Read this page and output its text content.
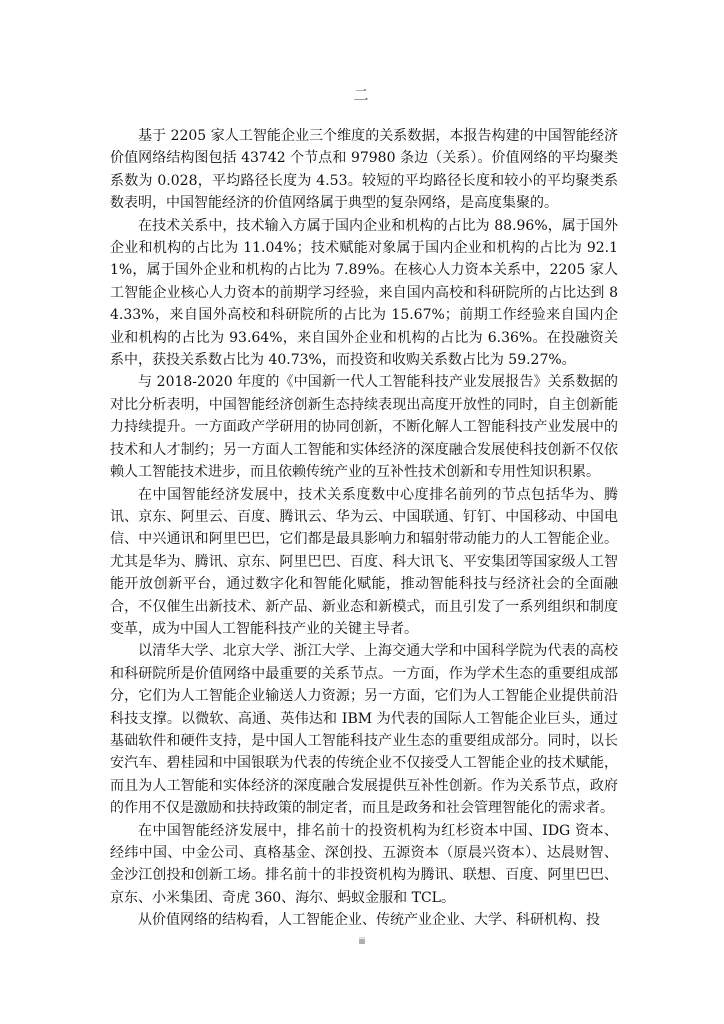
二

基于 2205 家人工智能企业三个维度的关系数据，本报告构建的中国智能经济价值网络结构图包括 43742 个节点和 97980 条边（关系）。价值网络的平均聚类系数为 0.028，平均路径长度为 4.53。较短的平均路径长度和较小的平均聚类系数表明，中国智能经济的价值网络属于典型的复杂网络，是高度集聚的。

在技术关系中，技术输入方属于国内企业和机构的占比为 88.96%，属于国外企业和机构的占比为 11.04%；技术赋能对象属于国内企业和机构的占比为 92.11%，属于国外企业和机构的占比为 7.89%。在核心人力资本关系中，2205 家人工智能企业核心人力资本的前期学习经验，来自国内高校和科研院所的占比达到 84.33%，来自国外高校和科研院所的占比为 15.67%；前期工作经验来自国内企业和机构的占比为 93.64%，来自国外企业和机构的占比为 6.36%。在投融资关系中，获投关系数占比为 40.73%，而投资和收购关系数占比为 59.27%。

与 2018-2020 年度的《中国新一代人工智能科技产业发展报告》关系数据的对比分析表明，中国智能经济创新生态持续表现出高度开放性的同时，自主创新能力持续提升。一方面政产学研用的协同创新，不断化解人工智能科技产业发展中的技术和人才制约；另一方面人工智能和实体经济的深度融合发展使科技创新不仅依赖人工智能技术进步，而且依赖传统产业的互补性技术创新和专用性知识积累。

在中国智能经济发展中，技术关系度数中心度排名前列的节点包括华为、腾讯、京东、阿里云、百度、腾讯云、华为云、中国联通、钉钉、中国移动、中国电信、中兴通讯和阿里巴巴，它们都是最具影响力和辐射带动能力的人工智能企业。尤其是华为、腾讯、京东、阿里巴巴、百度、科大讯飞、平安集团等国家级人工智能开放创新平台，通过数字化和智能化赋能，推动智能科技与经济社会的全面融合，不仅催生出新技术、新产品、新业态和新模式，而且引发了一系列组织和制度变革，成为中国人工智能科技产业的关键主导者。

以清华大学、北京大学、浙江大学、上海交通大学和中国科学院为代表的高校和科研院所是价值网络中最重要的关系节点。一方面，作为学术生态的重要组成部分，它们为人工智能企业输送人力资源；另一方面，它们为人工智能企业提供前沿科技支撑。以微软、高通、英伟达和 IBM 为代表的国际人工智能企业巨头，通过基础软件和硬件支持，是中国人工智能科技产业生态的重要组成部分。同时，以长安汽车、碧桂园和中国银联为代表的传统企业不仅接受人工智能企业的技术赋能，而且为人工智能和实体经济的深度融合发展提供互补性创新。作为关系节点，政府的作用不仅是激励和扶持政策的制定者，而且是政务和社会管理智能化的需求者。

在中国智能经济发展中，排名前十的投资机构为红杉资本中国、IDG 资本、经纬中国、中金公司、真格基金、深创投、五源资本（原晨兴资本）、达晨财智、金沙江创投和创新工场。排名前十的非投资机构为腾讯、联想、百度、阿里巴巴、京东、小米集团、奇虎 360、海尔、蚂蚁金服和 TCL。

从价值网络的结构看，人工智能企业、传统产业企业、大学、科研机构、投

iii
